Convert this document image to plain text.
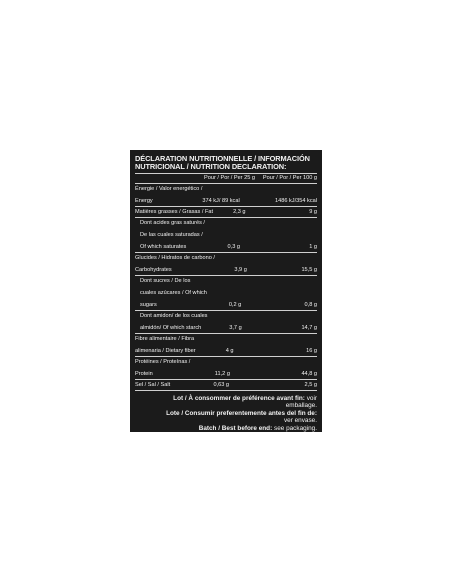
DÉCLARATION NUTRITIONNELLE / INFORMACIÓN
NUTRICIONAL / NUTRITION DECLARATION:
Pour / Por / Per 25 g	Pour / Por / Per 100 g
Énergie / Valor energético /
Energy	374 kJ/ 89 kcal	1486 kJ/354 kcal
Matières grasses / Grasas / Fat	2,3 g	9 g
Dont acides gras saturés /
De las cuales saturadas /
Of which saturates	0,3 g	1 g
Glucides / Hidratos de carbono /
Carbohydrates	3,9 g	15,5 g
Dont sucres / De los
cuales azúcares / Of which
sugars	0,2 g	0,8 g
Dont amidon/ de los cuales
almidón/ Of which starch	3,7 g	14,7 g
Fibre alimentaire / Fibra
alimenaria / Dietary fiber	4 g	16 g
Protéines / Proteínas /
Protein	11,2 g	44,8 g
Sel / Sal / Salt	0,63 g	2,5 g
Lot / À consommer de préférence avant fin: voir
emballage.
Lote / Consumir preferentemente antes del fin de:
ver envase.
Batch / Best before end: see packaging.
